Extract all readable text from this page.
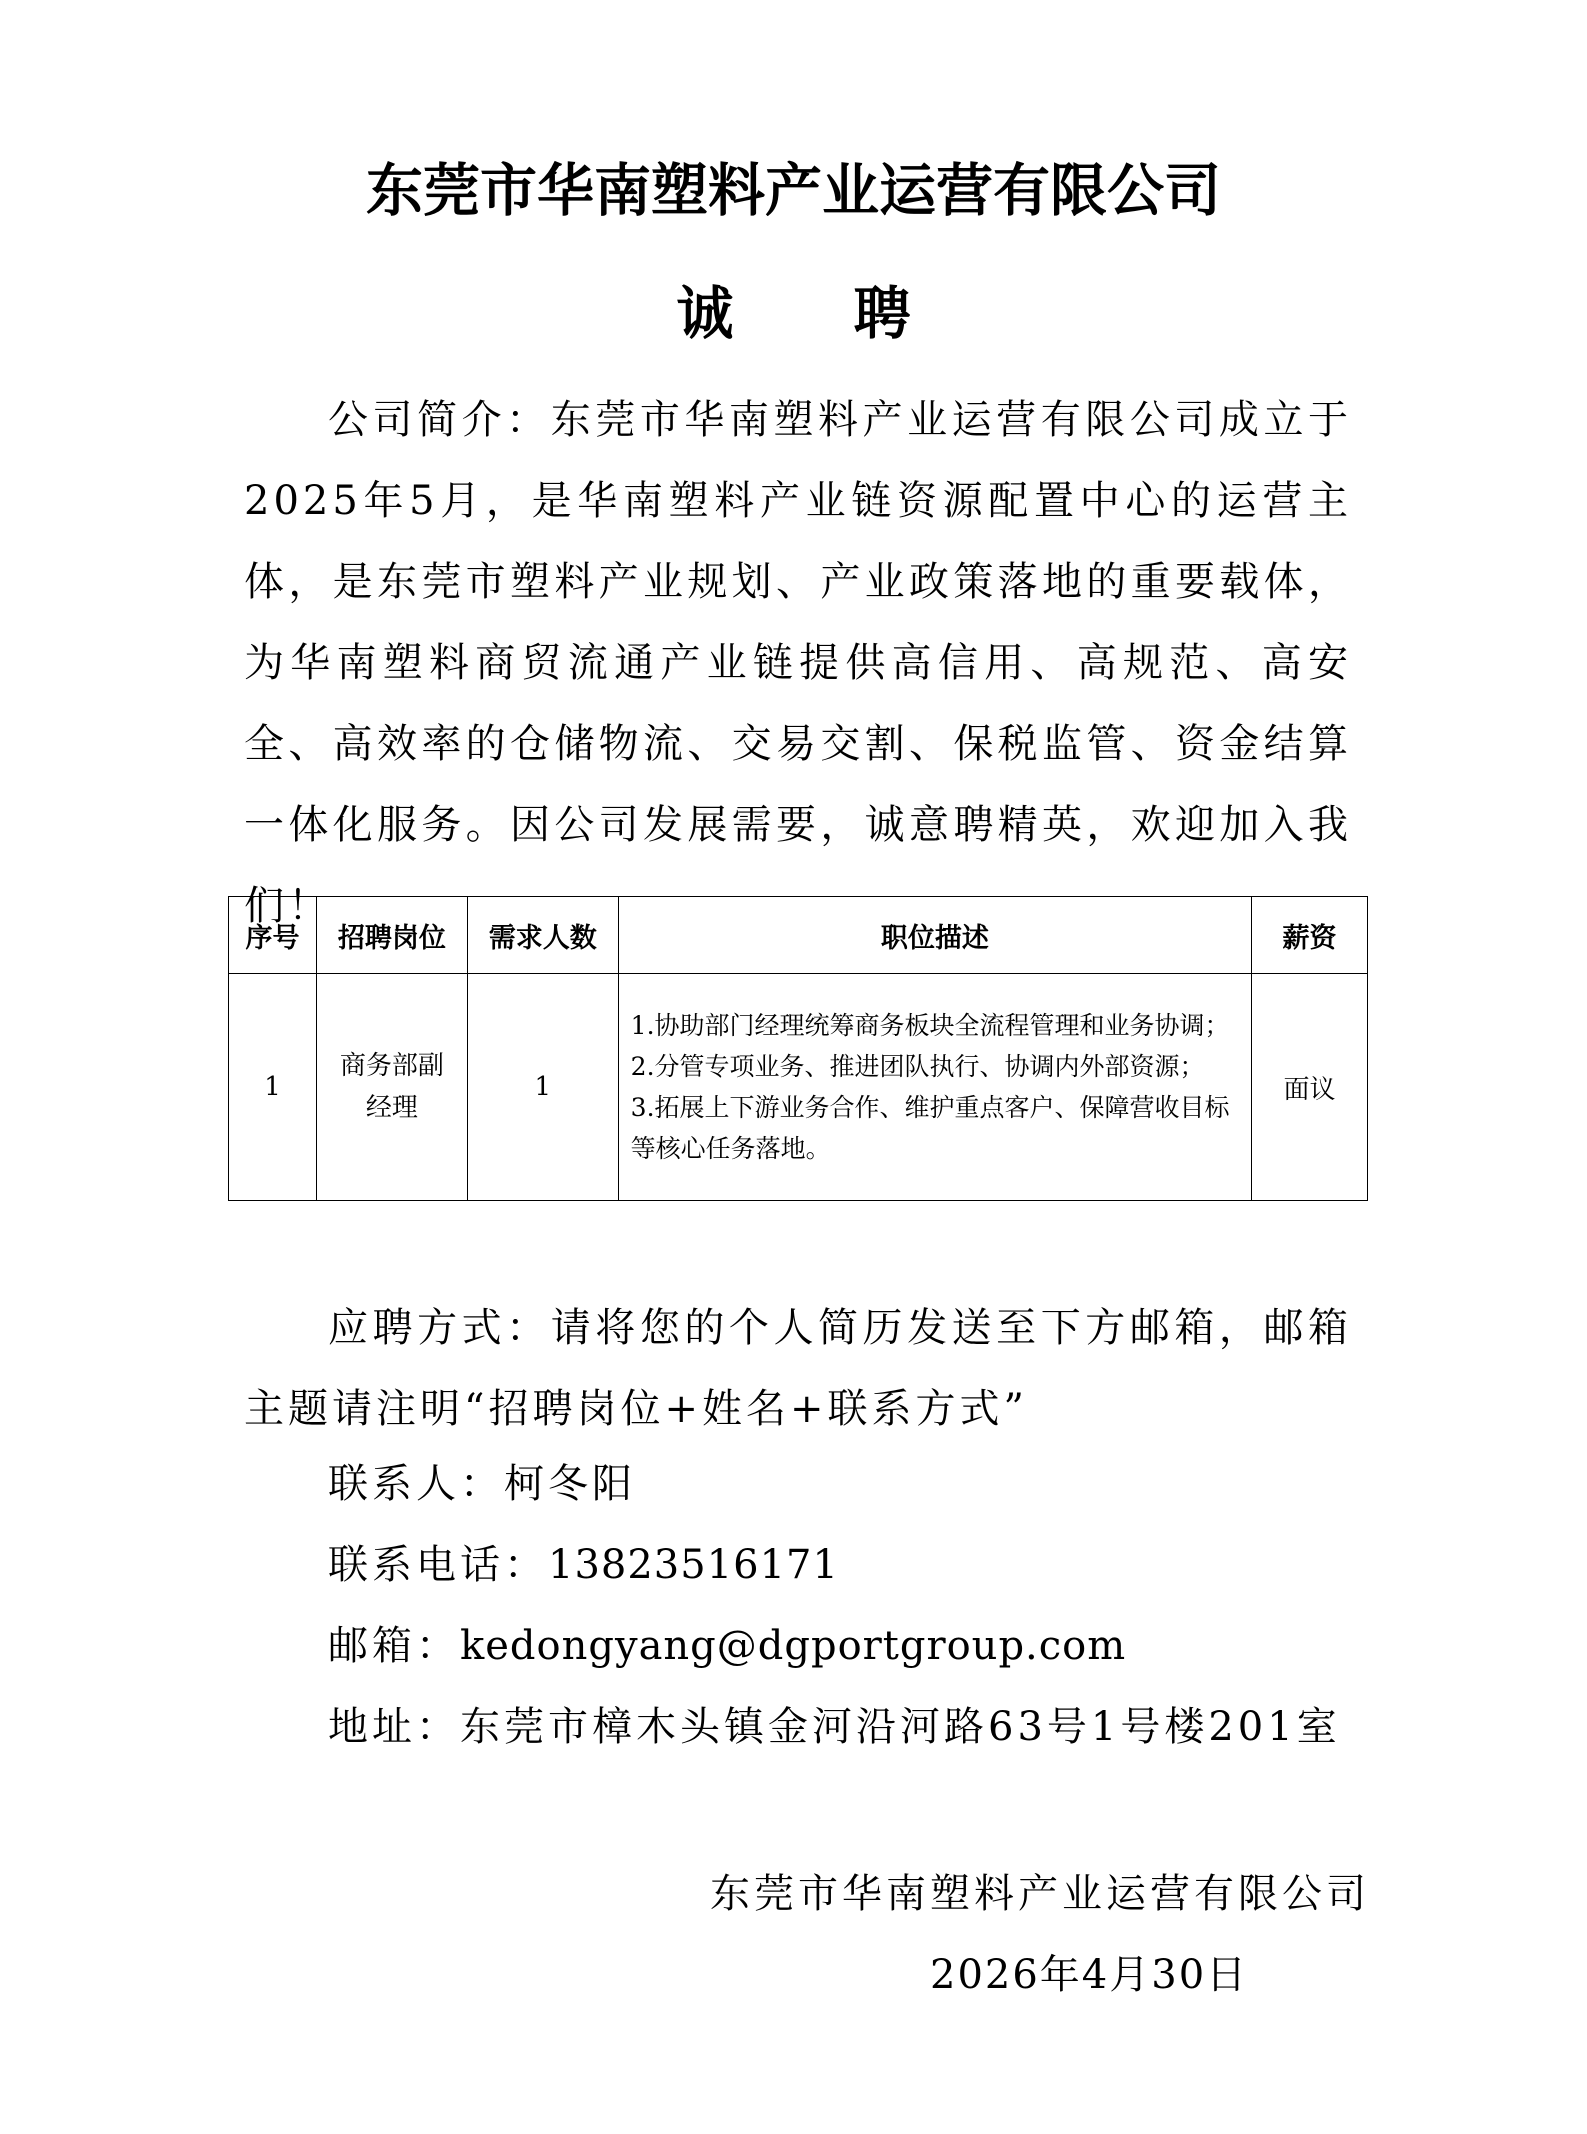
东莞市华南塑料产业运营有限公司
诚聘

公司简介：东莞市华南塑料产业运营有限公司成立于2025年5月，是华南塑料产业链资源配置中心的运营主体，是东莞市塑料产业规划、产业政策落地的重要载体，为华南塑料商贸流通产业链提供高信用、高规范、高安全、高效率的仓储物流、交易交割、保税监管、资金结算一体化服务。因公司发展需要，诚意聘精英，欢迎加入我们！

序号	招聘岗位	需求人数	职位描述	薪资
1	商务部副经理	1	1.协助部门经理统筹商务板块全流程管理和业务协调；
2.分管专项业务、推进团队执行、协调内外部资源；
3.拓展上下游业务合作、维护重点客户、保障营收目标等核心任务落地。	面议

应聘方式：请将您的个人简历发送至下方邮箱，邮箱主题请注明“招聘岗位+姓名+联系方式”

联系人：柯冬阳

联系电话：13823516171

邮箱：kedongyang@dgportgroup.com

地址：东莞市樟木头镇金河沿河路63号1号楼201室

东莞市华南塑料产业运营有限公司

2026年4月30日
